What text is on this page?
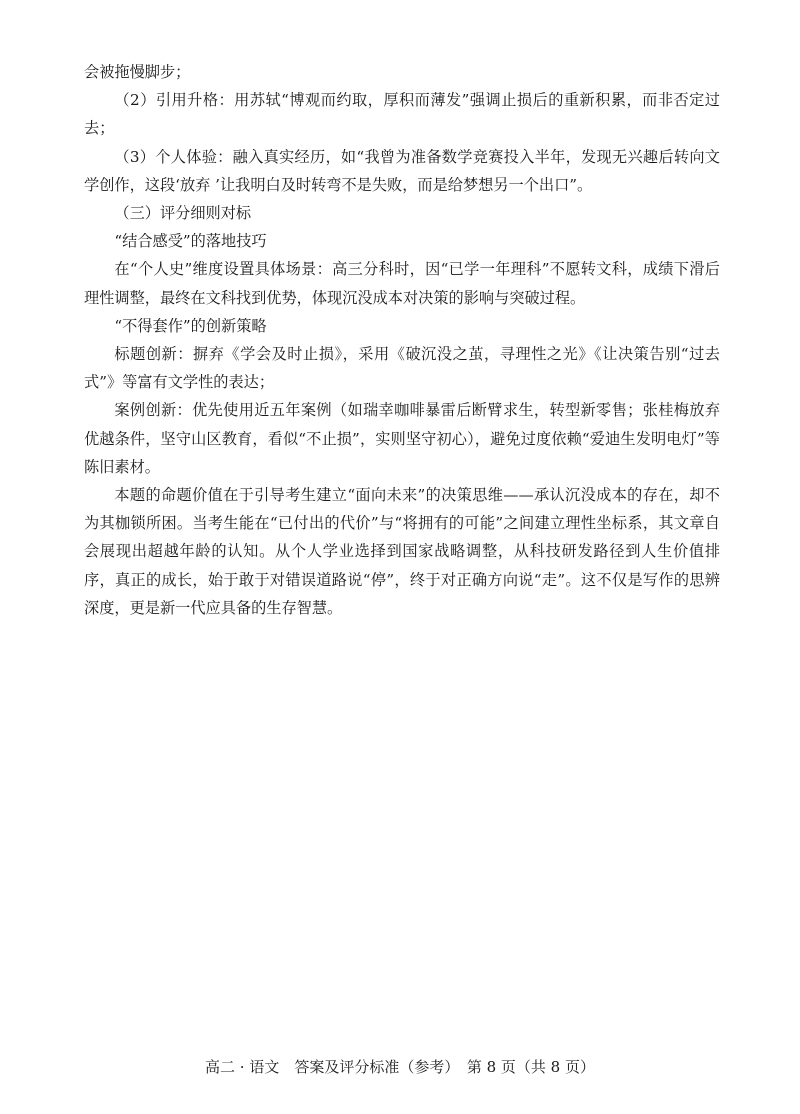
会被拖慢脚步；

（2）引用升格：用苏轼“博观而约取，厚积而薄发”强调止损后的重新积累，而非否定过去；

（3）个人体验：融入真实经历，如“我曾为准备数学竞赛投入半年，发现无兴趣后转向文学创作，这段‘放弃 ’让我明白及时转弯不是失败，而是给梦想另一个出口”。

（三）评分细则对标

“结合感受”的落地技巧

在“个人史”维度设置具体场景：高三分科时，因“已学一年理科”不愿转文科，成绩下滑后理性调整，最终在文科找到优势，体现沉没成本对决策的影响与突破过程。

“不得套作”的创新策略

标题创新：摒弃《学会及时止损》，采用《破沉没之茧，寻理性之光》《让决策告别“过去式”》等富有文学性的表达；

案例创新：优先使用近五年案例（如瑞幸咖啡暴雷后断臂求生，转型新零售；张桂梅放弃优越条件，坚守山区教育，看似“不止损”，实则坚守初心），避免过度依赖“爱迪生发明电灯”等陈旧素材。

本题的命题价值在于引导考生建立“面向未来”的决策思维——承认沉没成本的存在，却不为其枷锁所困。当考生能在“已付出的代价”与“将拥有的可能”之间建立理性坐标系，其文章自会展现出超越年龄的认知。从个人学业选择到国家战略调整，从科技研发路径到人生价值排序，真正的成长，始于敢于对错误道路说“停”，终于对正确方向说“走”。这不仅是写作的思辨深度，更是新一代应具备的生存智慧。

高二 · 语文　答案及评分标准（参考）　第 8 页（共 8 页）
